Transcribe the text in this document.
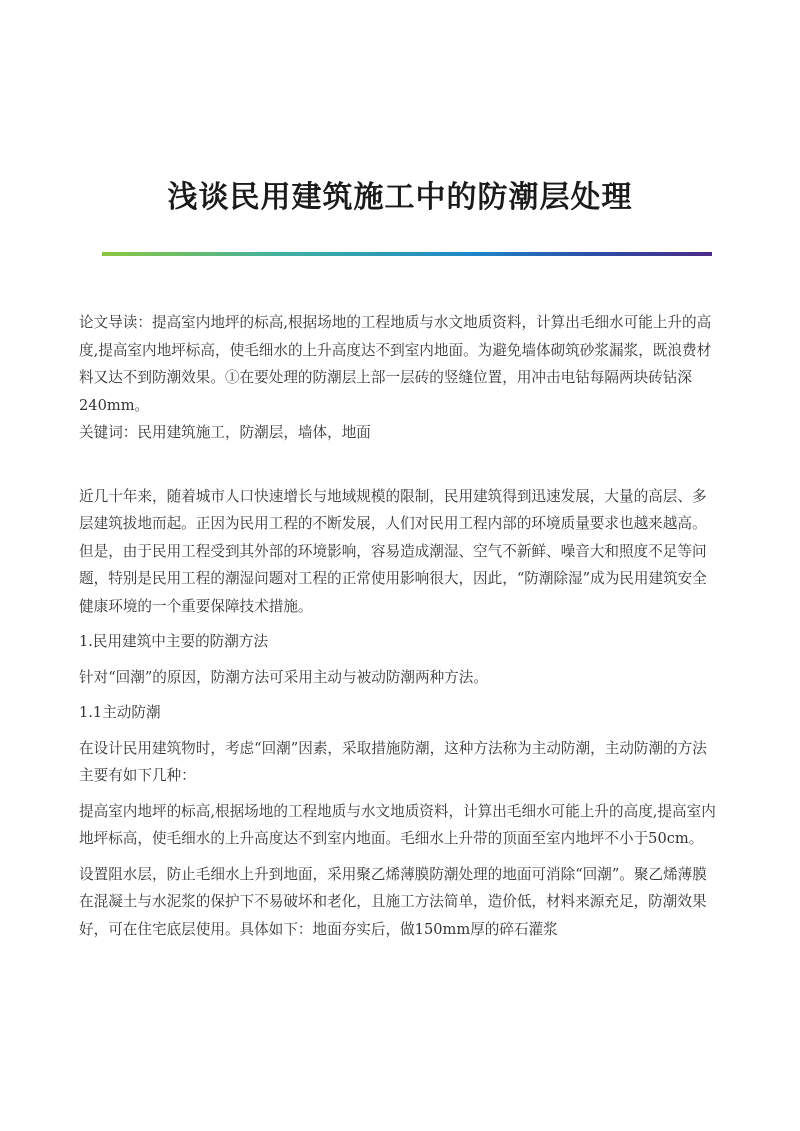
浅谈民用建筑施工中的防潮层处理

论文导读：提高室内地坪的标高,根据场地的工程地质与水文地质资料，计算出毛细水可能上升的高度,提高室内地坪标高，使毛细水的上升高度达不到室内地面。为避免墙体砌筑砂浆漏浆，既浪费材料又达不到防潮效果。①在要处理的防潮层上部一层砖的竖缝位置，用冲击电钻每隔两块砖钻深240mm。

关键词：民用建筑施工，防潮层，墙体，地面

近几十年来，随着城市人口快速增长与地域规模的限制，民用建筑得到迅速发展，大量的高层、多层建筑拔地而起。正因为民用工程的不断发展，人们对民用工程内部的环境质量要求也越来越高。但是，由于民用工程受到其外部的环境影响，容易造成潮湿、空气不新鲜、噪音大和照度不足等问题，特别是民用工程的潮湿问题对工程的正常使用影响很大，因此，“防潮除湿”成为民用建筑安全健康环境的一个重要保障技术措施。

1.民用建筑中主要的防潮方法

针对“回潮”的原因，防潮方法可采用主动与被动防潮两种方法。

1.1主动防潮

在设计民用建筑物时，考虑“回潮”因素，采取措施防潮，这种方法称为主动防潮，主动防潮的方法主要有如下几种：

提高室内地坪的标高,根据场地的工程地质与水文地质资料，计算出毛细水可能上升的高度,提高室内地坪标高，使毛细水的上升高度达不到室内地面。毛细水上升带的顶面至室内地坪不小于50cm。

设置阻水层，防止毛细水上升到地面，采用聚乙烯薄膜防潮处理的地面可消除“回潮”。聚乙烯薄膜在混凝土与水泥浆的保护下不易破坏和老化，且施工方法简单，造价低，材料来源充足，防潮效果好，可在住宅底层使用。具体如下：地面夯实后，做150mm厚的碎石灌浆
